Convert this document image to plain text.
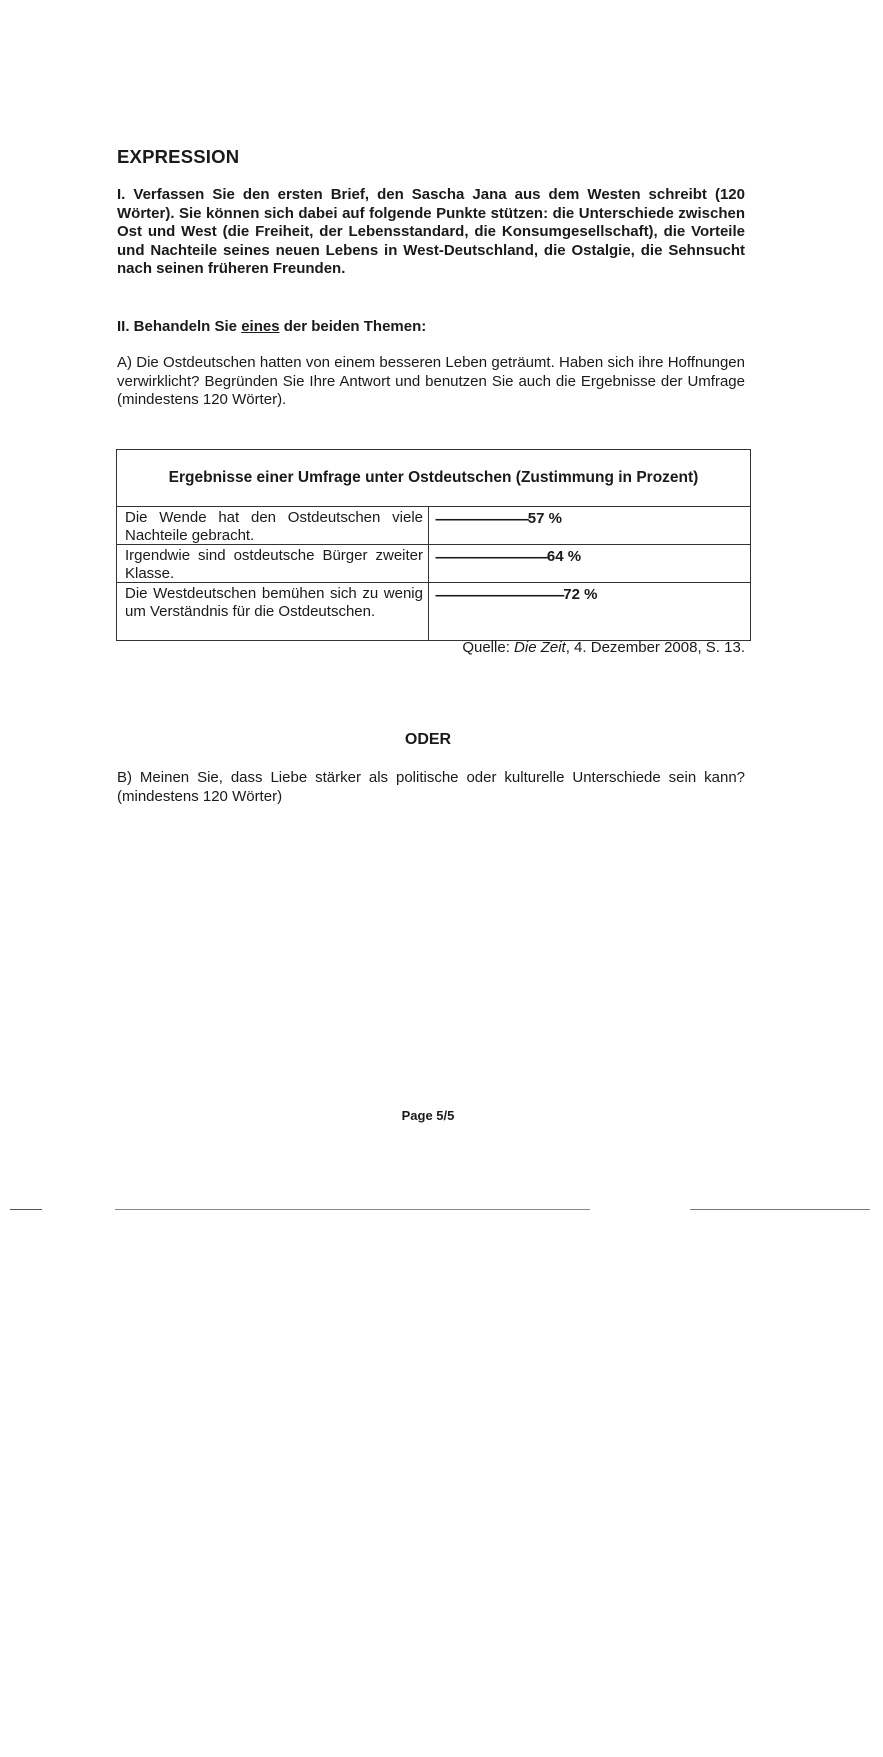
EXPRESSION
I. Verfassen Sie den ersten Brief, den Sascha Jana aus dem Westen schreibt (120 Wörter). Sie können sich dabei auf folgende Punkte stützen: die Unterschiede zwischen Ost und West (die Freiheit, der Lebensstandard, die Konsumgesellschaft), die Vorteile und Nachteile seines neuen Lebens in West-Deutschland, die Ostalgie, die Sehnsucht nach seinen früheren Freunden.
II. Behandeln Sie eines der beiden Themen:
A) Die Ostdeutschen hatten von einem besseren Leben geträumt. Haben sich ihre Hoffnungen verwirklicht? Begründen Sie Ihre Antwort und benutzen Sie auch die Ergebnisse der Umfrage (mindestens 120 Wörter).
Ergebnisse einer Umfrage unter Ostdeutschen (Zustimmung in Prozent)
Die Wende hat den Ostdeutschen viele Nachteile gebracht.
----------------------------------57 %
Irgendwie sind ostdeutsche Bürger zweiter Klasse.
-----------------------------------------64 %
Die Westdeutschen bemühen sich zu wenig um Verständnis für die Ostdeutschen.
-----------------------------------------------72 %
Quelle: Die Zeit, 4. Dezember 2008, S. 13.
ODER
B) Meinen Sie, dass Liebe stärker als politische oder kulturelle Unterschiede sein kann? (mindestens 120 Wörter)
Page 5/5
